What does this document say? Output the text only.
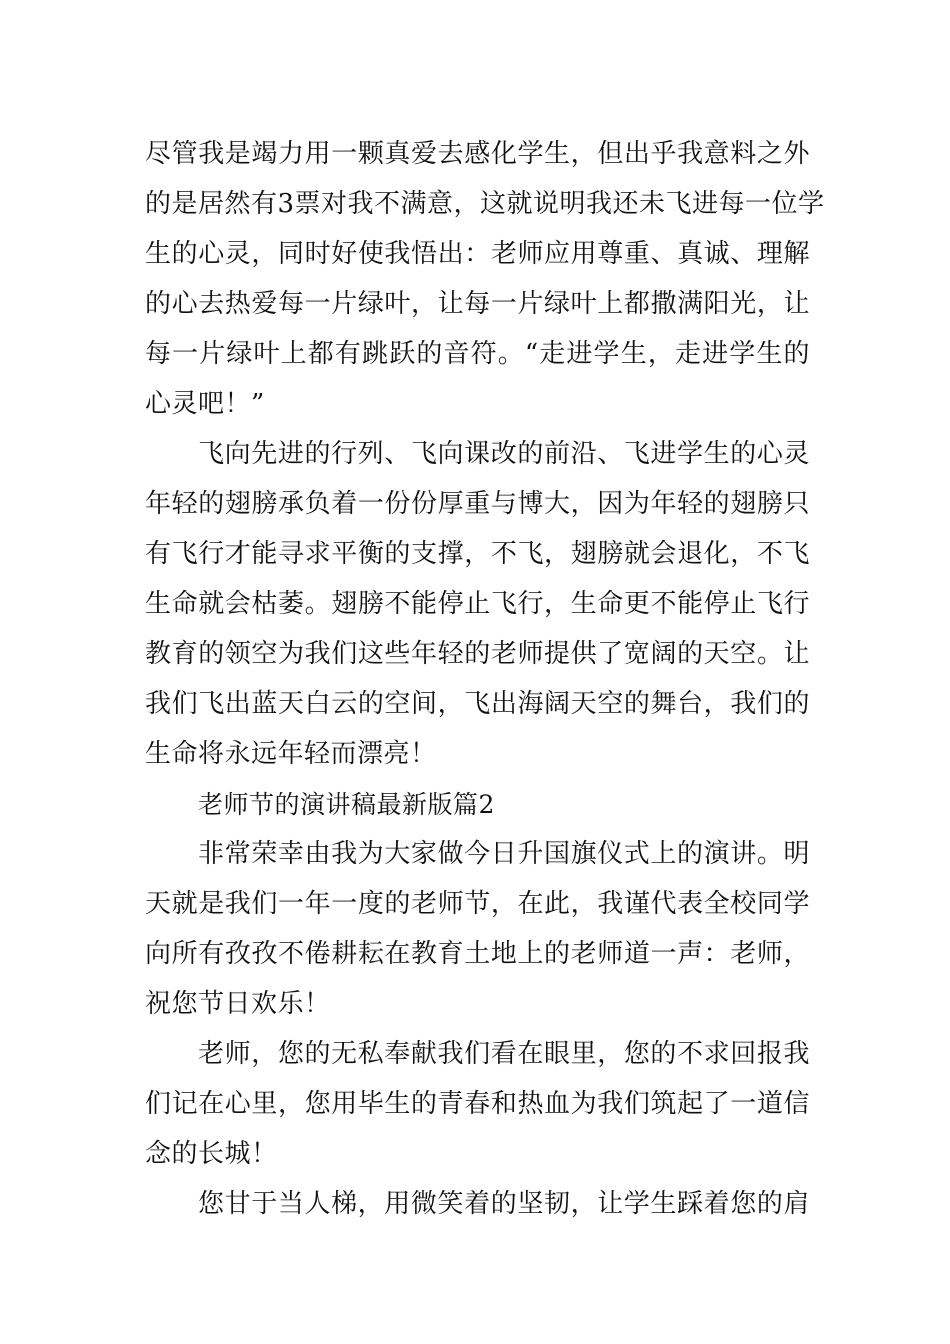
尽管我是竭力用一颗真爱去感化学生，但出乎我意料之外
的是居然有3票对我不满意，这就说明我还未飞进每一位学
生的心灵，同时好使我悟出：老师应用尊重、真诚、理解
的心去热爱每一片绿叶，让每一片绿叶上都撒满阳光，让
每一片绿叶上都有跳跃的音符。“走进学生，走进学生的
心灵吧！”
飞向先进的行列、飞向课改的前沿、飞进学生的心灵
年轻的翅膀承负着一份份厚重与博大，因为年轻的翅膀只
有飞行才能寻求平衡的支撑，不飞，翅膀就会退化，不飞
生命就会枯萎。翅膀不能停止飞行，生命更不能停止飞行
教育的领空为我们这些年轻的老师提供了宽阔的天空。让
我们飞出蓝天白云的空间，飞出海阔天空的舞台，我们的
生命将永远年轻而漂亮！
老师节的演讲稿最新版篇2
非常荣幸由我为大家做今日升国旗仪式上的演讲。明
天就是我们一年一度的老师节，在此，我谨代表全校同学
向所有孜孜不倦耕耘在教育土地上的老师道一声：老师，
祝您节日欢乐！
老师，您的无私奉献我们看在眼里，您的不求回报我
们记在心里，您用毕生的青春和热血为我们筑起了一道信
念的长城！
您甘于当人梯，用微笑着的坚韧，让学生踩着您的肩
